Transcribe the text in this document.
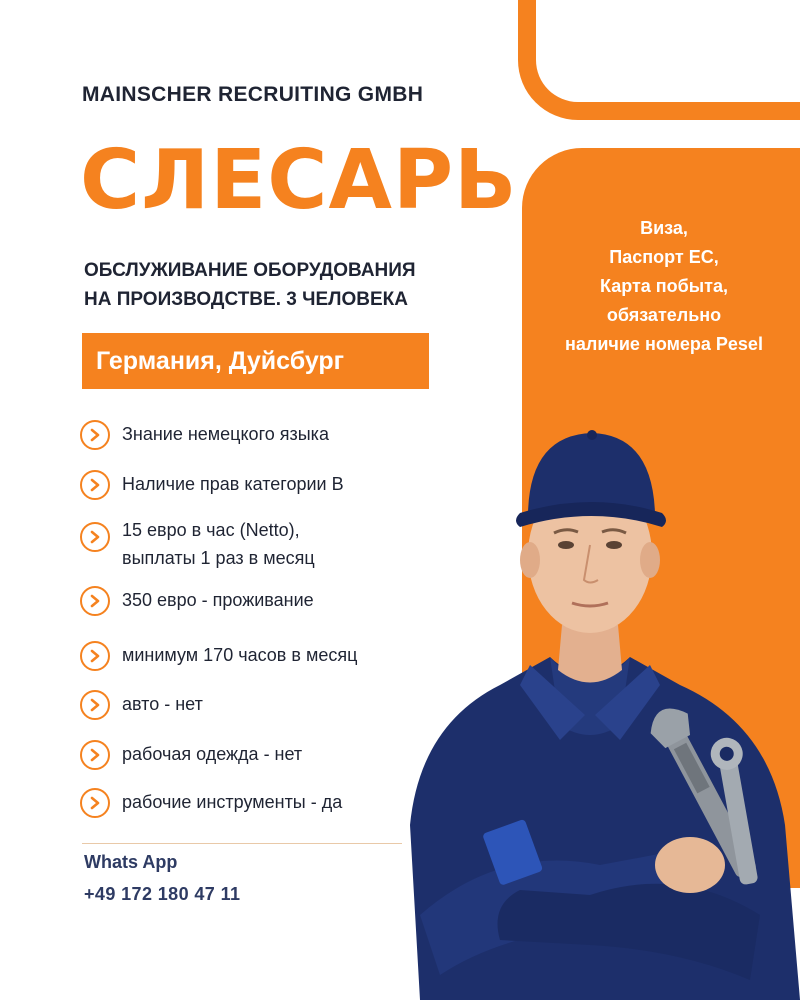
MAINSCHER RECRUITING GMBH
СЛЕСАРЬ
ОБСЛУЖИВАНИЕ ОБОРУДОВАНИЯ
НА ПРОИЗВОДСТВЕ. 3 ЧЕЛОВЕКА
Германия, Дуйсбург
Виза,
Паспорт ЕС,
Карта побыта,
обязательно
наличие номера Pesel
Знание немецкого языка
Наличие прав категории B
15 евро в час (Netto),
выплаты 1 раз в месяц
350 евро - проживание
минимум 170 часов в месяц
авто - нет
рабочая одежда - нет
рабочие инструменты - да
Whats App
+49 172 180 47 11
